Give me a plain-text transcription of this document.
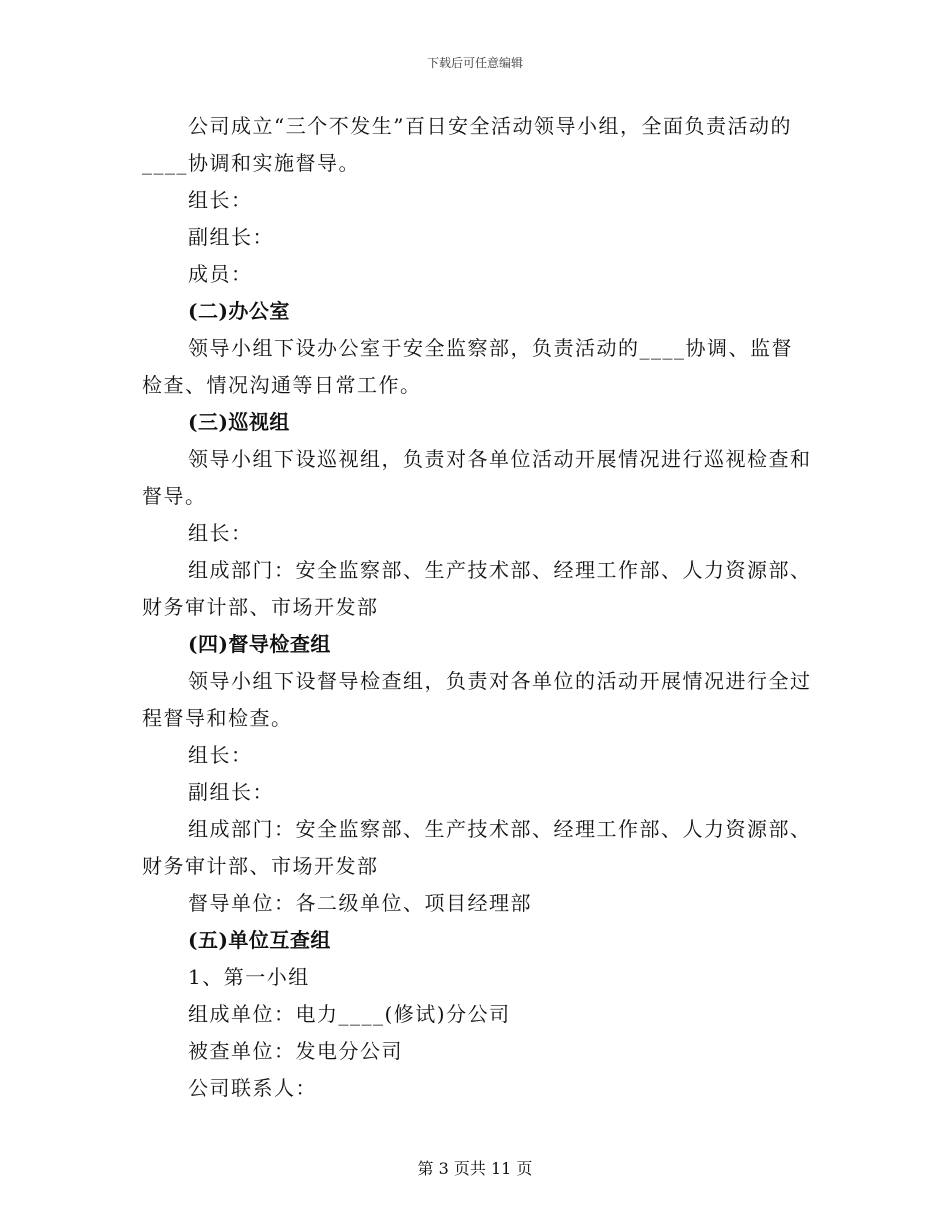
下载后可任意编辑

公司成立“三个不发生”百日安全活动领导小组，全面负责活动的____协调和实施督导。

组长：

副组长：

成员：

(二)办公室

领导小组下设办公室于安全监察部，负责活动的____协调、监督检查、情况沟通等日常工作。

(三)巡视组

领导小组下设巡视组，负责对各单位活动开展情况进行巡视检查和督导。

组长：

组成部门：安全监察部、生产技术部、经理工作部、人力资源部、财务审计部、市场开发部

(四)督导检查组

领导小组下设督导检查组，负责对各单位的活动开展情况进行全过程督导和检查。

组长：

副组长：

组成部门：安全监察部、生产技术部、经理工作部、人力资源部、财务审计部、市场开发部

督导单位：各二级单位、项目经理部

(五)单位互查组

1、第一小组

组成单位：电力____(修试)分公司

被查单位：发电分公司

公司联系人：

第 3 页共 11 页
